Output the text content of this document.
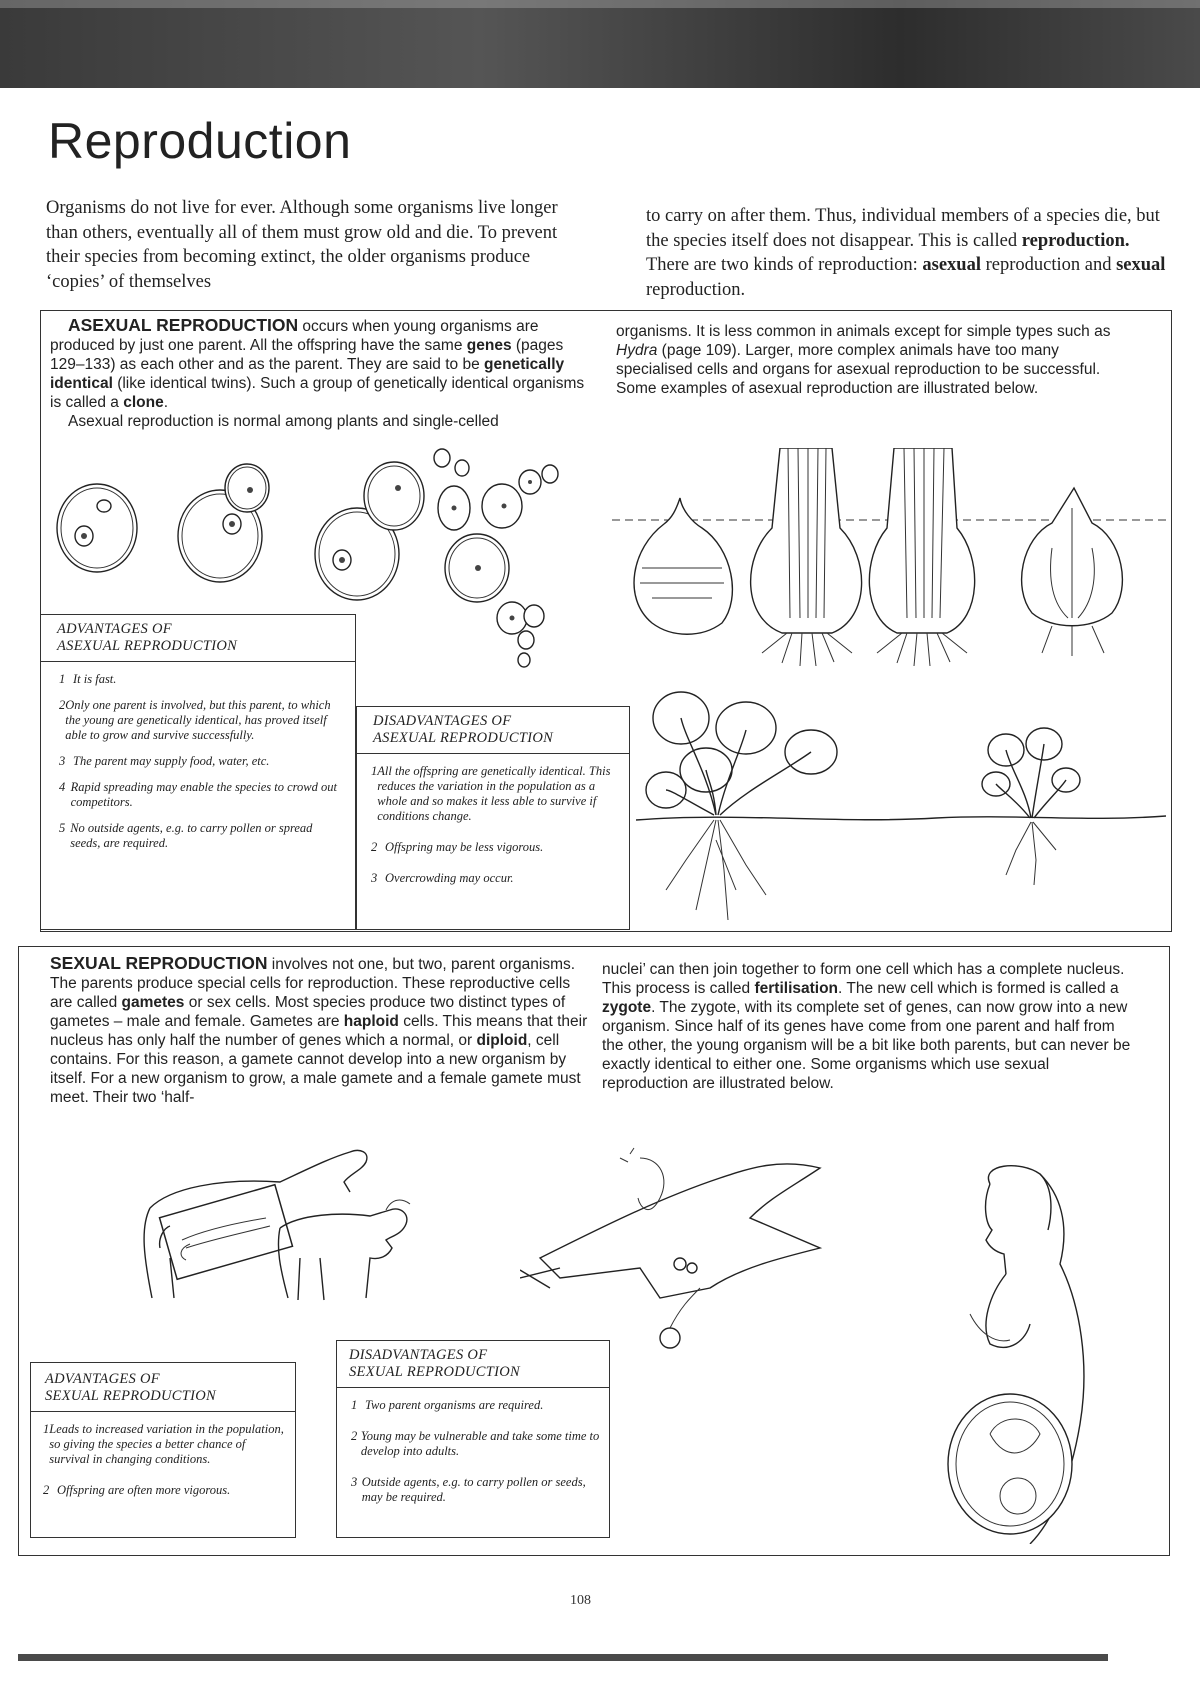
Reproduction
Organisms do not live for ever. Although some organisms live longer than others, eventually all of them must grow old and die. To prevent their species from becoming extinct, the older organisms produce ‘copies’ of themselves
to carry on after them. Thus, individual members of a species die, but the species itself does not disappear. This is called reproduction. There are two kinds of reproduction: asexual reproduction and sexual reproduction.
ASEXUAL REPRODUCTION occurs when young organisms are produced by just one parent. All the offspring have the same genes (pages 129–133) as each other and as the parent. They are said to be genetically identical (like identical twins). Such a group of genetically identical organisms is called a clone.
Asexual reproduction is normal among plants and single-celled
organisms. It is less common in animals except for simple types such as Hydra (page 109). Larger, more complex animals have too many specialised cells and organs for asexual reproduction to be successful. Some examples of asexual reproduction are illustrated below.
ADVANTAGES OF
ASEXUAL REPRODUCTION
1 It is fast.
2 Only one parent is involved, but this parent, to which the young are genetically identical, has proved itself able to grow and survive successfully.
3 The parent may supply food, water, etc.
4 Rapid spreading may enable the species to crowd out competitors.
5 No outside agents, e.g. to carry pollen or spread seeds, are required.
DISADVANTAGES OF
ASEXUAL REPRODUCTION
1 All the offspring are genetically identical. This reduces the variation in the population as a whole and so makes it less able to survive if conditions change.
2 Offspring may be less vigorous.
3 Overcrowding may occur.
SEXUAL REPRODUCTION involves not one, but two, parent organisms. The parents produce special cells for reproduction. These reproductive cells are called gametes or sex cells. Most species produce two distinct types of gametes – male and female. Gametes are haploid cells. This means that their nucleus has only half the number of genes which a normal, or diploid, cell contains. For this reason, a gamete cannot develop into a new organism by itself. For a new organism to grow, a male gamete and a female gamete must meet. Their two ‘half-
nuclei’ can then join together to form one cell which has a complete nucleus. This process is called fertilisation. The new cell which is formed is called a zygote. The zygote, with its complete set of genes, can now grow into a new organism. Since half of its genes have come from one parent and half from the other, the young organism will be a bit like both parents, but can never be exactly identical to either one. Some organisms which use sexual reproduction are illustrated below.
ADVANTAGES OF
SEXUAL REPRODUCTION
1 Leads to increased variation in the population, so giving the species a better chance of survival in changing conditions.
2 Offspring are often more vigorous.
DISADVANTAGES OF
SEXUAL REPRODUCTION
1 Two parent organisms are required.
2 Young may be vulnerable and take some time to develop into adults.
3 Outside agents, e.g. to carry pollen or seeds, may be required.
108
